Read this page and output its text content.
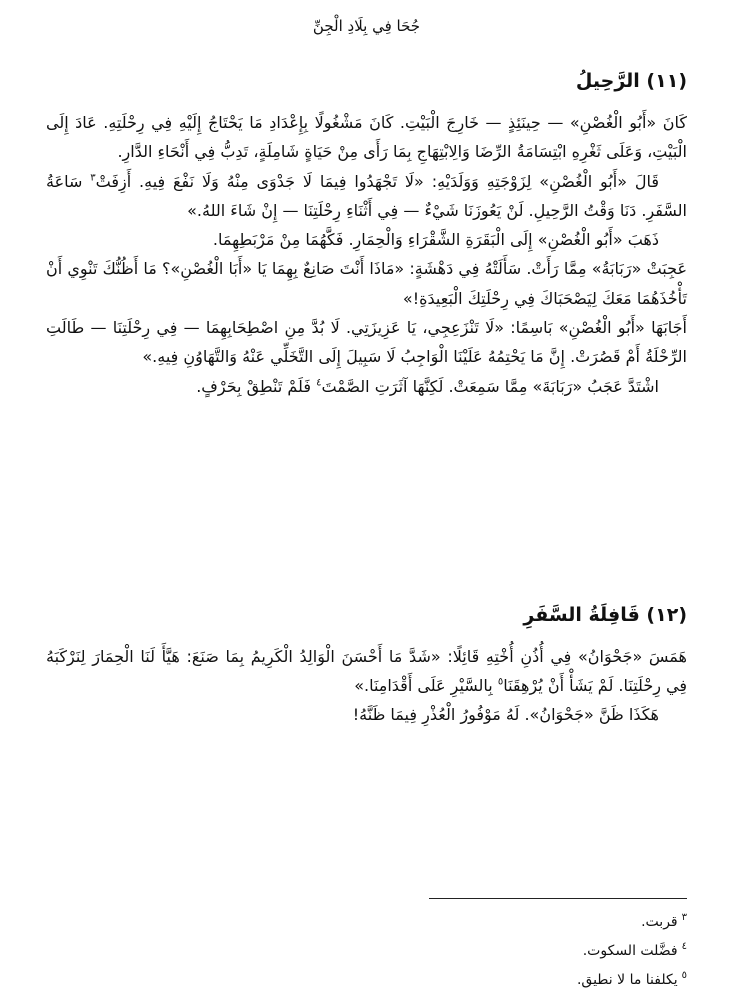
جُحَا فِي بِلَادِ الْجِنِّ
(١١) الرَّحِيلُ

كَانَ «أَبُو الْغُصْنِ» — حِينَئِذٍ — خَارِجَ الْبَيْتِ. كَانَ مَشْغُولًا بِإِعْدَادِ مَا يَحْتَاجُ إِلَيْهِ فِي رِحْلَتِهِ. عَادَ إِلَى الْبَيْتِ، وَعَلَى ثَغْرِهِ ابْتِسَامَةُ الرِّضَا وَالِابْتِهَاجِ بِمَا رَأَى مِنْ حَيَاةٍ شَامِلَةٍ، تَدِبُّ فِي أَنْحَاءِ الدَّارِ.

قَالَ «أَبُو الْغُصْنِ» لِزَوْجَتِهِ وَوَلَدَيْهِ: «لَا تَجْهَدُوا فِيمَا لَا جَدْوَى مِنْهُ وَلَا نَفْعَ فِيهِ. أَزِفَتْ$^٣$ سَاعَةُ السَّفَرِ. دَنَا وَقْتُ الرَّحِيلِ. لَنْ يَعُوزَنَا شَيْءٌ — فِي أَثْنَاءِ رِحْلَتِنَا — إِنْ شَاءَ اللهُ.»

ذَهَبَ «أَبُو الْغُصْنِ» إِلَى الْبَقَرَةِ الشَّقْرَاءِ وَالْحِمَارِ. فَكَّهُمَا مِنْ مَرْبَطِهِمَا.

عَجِبَتْ «رَبَابَةُ» مِمَّا رَأَتْ. سَأَلَتْهُ فِي دَهْشَةٍ: «مَاذَا أَنْتَ صَانِعٌ بِهِمَا يَا «أَبَا الْغُصْنِ»؟ مَا أَظُنُّكَ تَنْوِي أَنْ تَأْخُذَهُمَا مَعَكَ لِيَصْحَبَاكَ فِي رِحْلَتِكَ الْبَعِيدَةِ!»

أَجَابَهَا «أَبُو الْغُصْنِ» بَاسِمًا: «لَا تَنْزَعِجِي، يَا عَزِيزَتِي. لَا بُدَّ مِنِ اصْطِحَابِهِمَا — فِي رِحْلَتِنَا — طَالَتِ الرِّحْلَةُ أَمْ قَصُرَتْ. إِنَّ مَا يَحْتِمُهُ عَلَيْنَا الْوَاجِبُ لَا سَبِيلَ إِلَى التَّخَلِّي عَنْهُ وَالتَّهَاوُنِ فِيهِ.»

اشْتَدَّ عَجَبُ «رَبَابَةَ» مِمَّا سَمِعَتْ. لَكِنَّهَا آثَرَتِ الصَّمْتَ$^٤$ فَلَمْ تَنْطِقْ بِحَرْفٍ.

(١٢) قَافِلَةُ السَّفَرِ

هَمَسَ «جَحْوَانُ» فِي أُذُنِ أُخْتِهِ قَائِلًا: «شَدَّ مَا أَحْسَنَ الْوَالِدُ الْكَرِيمُ بِمَا صَنَعَ: هَيَّأَ لَنَا الْحِمَارَ لِنَرْكَبَهُ فِي رِحْلَتِنَا. لَمْ يَشَأْ أَنْ يُرْهِقَنَا$^٥$ بِالسَّيْرِ عَلَى أَقْدَامِنَا.»

هَكَذَا ظَنَّ «جَحْوَانُ». لَهُ مَوْفُورُ الْعُذْرِ فِيمَا ظَنَّهُ!

$^٣$قربت.

$^٤$فضَّلت السكوت.

$^٥$يكلفنا ما لا نطيق.
